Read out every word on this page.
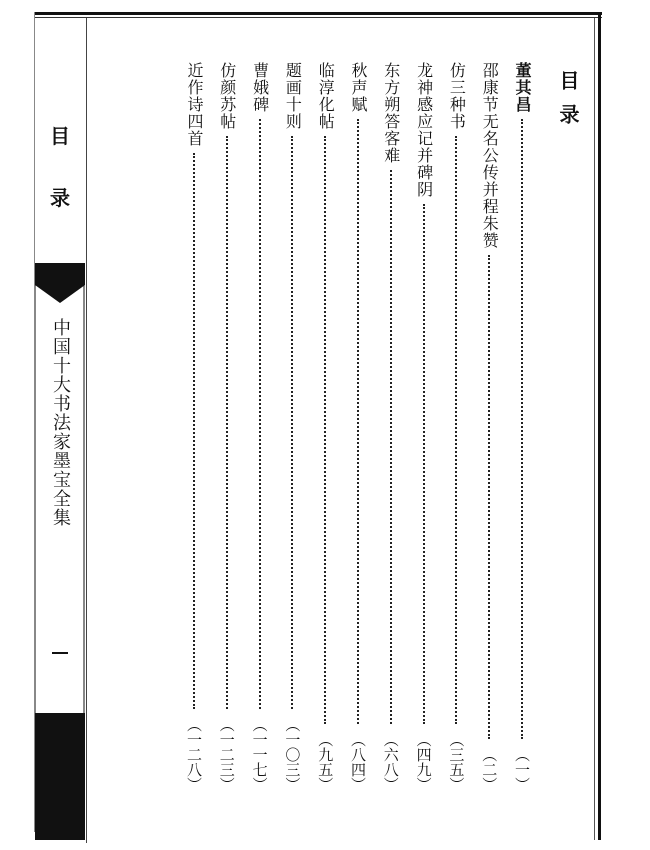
目
录
中国十大书法家墨宝全集
目录
董其昌
（一）
邵康节无名公传并程朱赞
（二）
仿三种书
（三五）
龙神感应记并碑阴
（四九）
东方朔答客难
（六八）
秋声赋
（八四）
临淳化帖
（九五）
题画十则
（一〇三）
曹娥碑
（一一七）
仿颜苏帖
（一二三）
近作诗四首
（一二八）
